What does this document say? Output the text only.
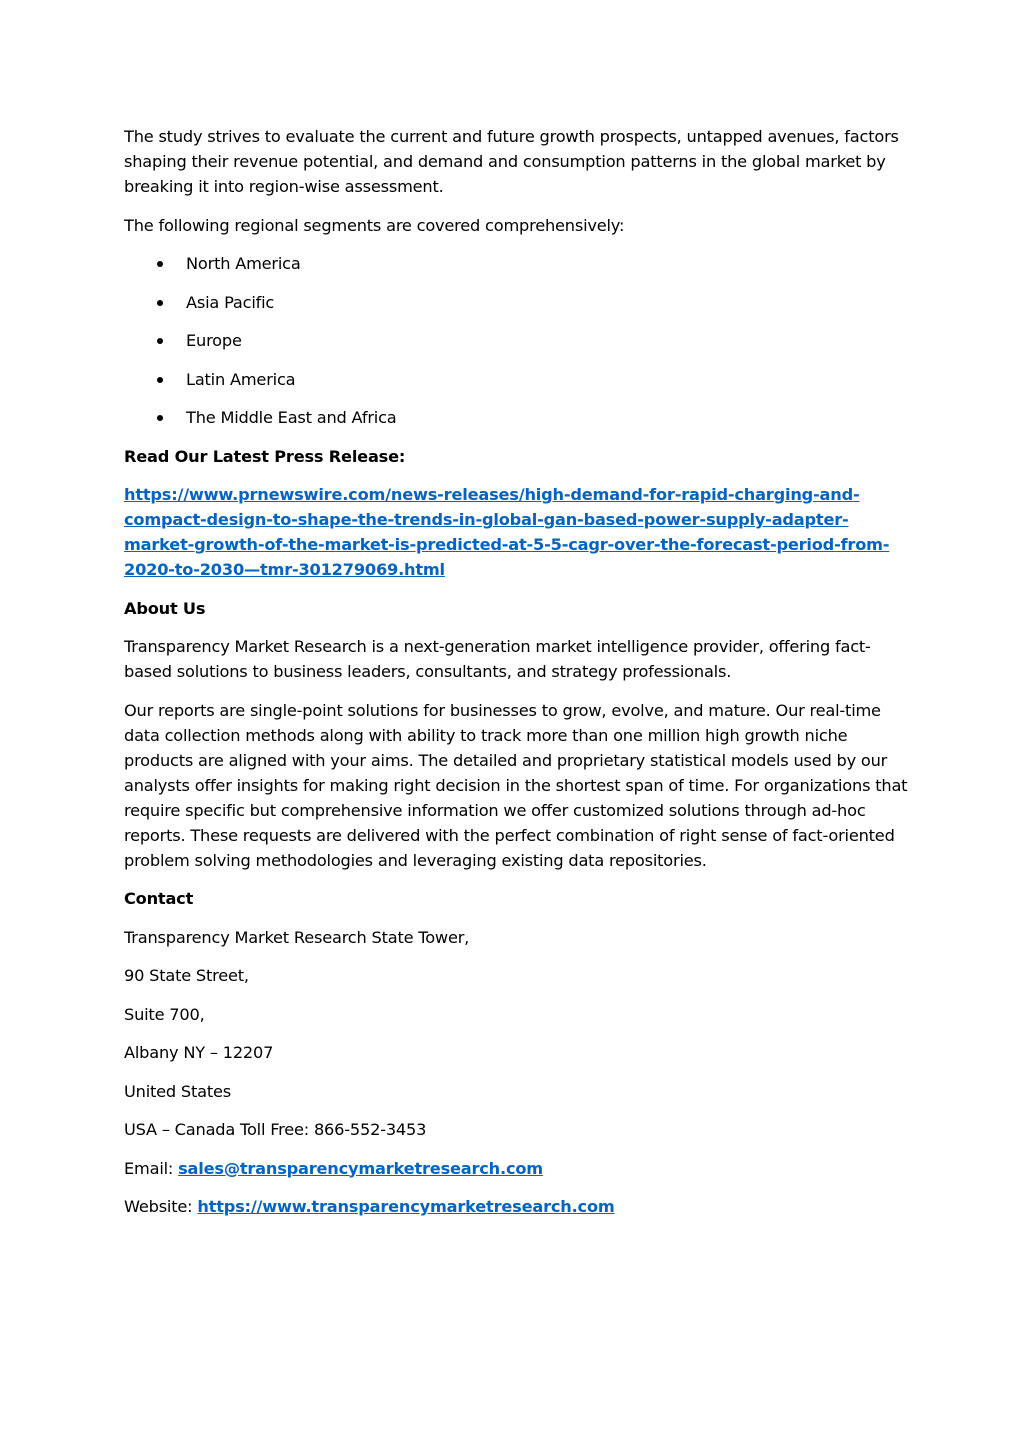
The study strives to evaluate the current and future growth prospects, untapped avenues, factors shaping their revenue potential, and demand and consumption patterns in the global market by breaking it into region-wise assessment.

The following regional segments are covered comprehensively:

North America
Asia Pacific
Europe
Latin America
The Middle East and Africa

Read Our Latest Press Release:

https://www.prnewswire.com/news-releases/high-demand-for-rapid-charging-and-compact-design-to-shape-the-trends-in-global-gan-based-power-supply-adapter-market-growth-of-the-market-is-predicted-at-5-5-cagr-over-the-forecast-period-from-2020-to-2030—tmr-301279069.html

About Us

Transparency Market Research is a next-generation market intelligence provider, offering fact-based solutions to business leaders, consultants, and strategy professionals.

Our reports are single-point solutions for businesses to grow, evolve, and mature. Our real-time data collection methods along with ability to track more than one million high growth niche products are aligned with your aims. The detailed and proprietary statistical models used by our analysts offer insights for making right decision in the shortest span of time. For organizations that require specific but comprehensive information we offer customized solutions through ad-hoc reports. These requests are delivered with the perfect combination of right sense of fact-oriented problem solving methodologies and leveraging existing data repositories.

Contact

Transparency Market Research State Tower,

90 State Street,

Suite 700,

Albany NY – 12207

United States

USA – Canada Toll Free: 866-552-3453

Email: sales@transparencymarketresearch.com

Website: https://www.transparencymarketresearch.com
